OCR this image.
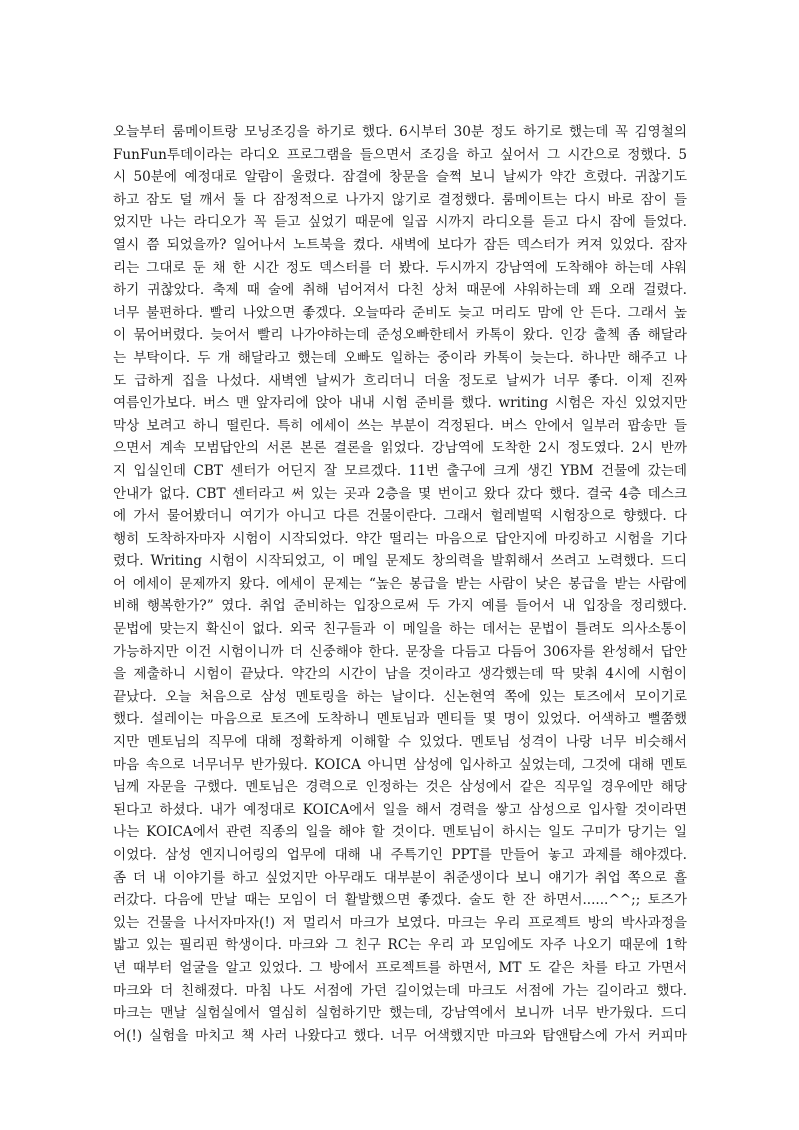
오늘부터 룸메이트랑 모닝조깅을 하기로 했다. 6시부터 30분 정도 하기로 했는데 꼭 김영철의
FunFun투데이라는 라디오 프로그램을 들으면서 조깅을 하고 싶어서 그 시간으로 정했다. 5
시 50분에 예정대로 알람이 울렸다. 잠결에 창문을 슬쩍 보니 날씨가 약간 흐렸다. 귀찮기도
하고 잠도 덜 깨서 둘 다 잠정적으로 나가지 않기로 결정했다. 룸메이트는 다시 바로 잠이 들
었지만 나는 라디오가 꼭 듣고 싶었기 때문에 일곱 시까지 라디오를 듣고 다시 잠에 들었다.
열시 쯤 되었을까? 일어나서 노트북을 켰다. 새벽에 보다가 잠든 덱스터가 켜져 있었다. 잠자
리는 그대로 둔 채 한 시간 정도 덱스터를 더 봤다. 두시까지 강남역에 도착해야 하는데 샤워
하기 귀찮았다. 축제 때 술에 취해 넘어져서 다친 상처 때문에 샤워하는데 꽤 오래 걸렸다.
너무 불편하다. 빨리 나았으면 좋겠다. 오늘따라 준비도 늦고 머리도 맘에 안 든다. 그래서 높
이 묶어버렸다. 늦어서 빨리 나가야하는데 준성오빠한테서 카톡이 왔다. 인강 출첵 좀 해달라
는 부탁이다. 두 개 해달라고 했는데 오빠도 일하는 중이라 카톡이 늦는다. 하나만 해주고 나
도 급하게 집을 나섰다. 새벽엔 날씨가 흐리더니 더울 정도로 날씨가 너무 좋다. 이제 진짜
여름인가보다. 버스 맨 앞자리에 앉아 내내 시험 준비를 했다. writing 시험은 자신 있었지만
막상 보려고 하니 떨린다. 특히 에세이 쓰는 부분이 걱정된다. 버스 안에서 일부러 팝송만 들
으면서 계속 모범답안의 서론 본론 결론을 읽었다. 강남역에 도착한 2시 정도였다. 2시 반까
지 입실인데 CBT 센터가 어딘지 잘 모르겠다. 11번 출구에 크게 생긴 YBM 건물에 갔는데
안내가 없다. CBT 센터라고 써 있는 곳과 2층을 몇 번이고 왔다 갔다 했다. 결국 4층 데스크
에 가서 물어봤더니 여기가 아니고 다른 건물이란다. 그래서 헐레벌떡 시험장으로 향했다. 다
행히 도착하자마자 시험이 시작되었다. 약간 떨리는 마음으로 답안지에 마킹하고 시험을 기다
렸다. Writing 시험이 시작되었고, 이 메일 문제도 창의력을 발휘해서 쓰려고 노력했다. 드디
어 에세이 문제까지 왔다. 에세이 문제는 “높은 봉급을 받는 사람이 낮은 봉급을 받는 사람에
비해 행복한가?” 였다. 취업 준비하는 입장으로써 두 가지 예를 들어서 내 입장을 정리했다.
문법에 맞는지 확신이 없다. 외국 친구들과 이 메일을 하는 데서는 문법이 틀려도 의사소통이
가능하지만 이건 시험이니까 더 신중해야 한다. 문장을 다듬고 다듬어 306자를 완성해서 답안
을 제출하니 시험이 끝났다. 약간의 시간이 남을 것이라고 생각했는데 딱 맞춰 4시에 시험이
끝났다. 오늘 처음으로 삼성 멘토링을 하는 날이다. 신논현역 쪽에 있는 토즈에서 모이기로
했다. 설레이는 마음으로 토즈에 도착하니 멘토님과 멘티들 몇 명이 있었다. 어색하고 뻘쭘했
지만 멘토님의 직무에 대해 정확하게 이해할 수 있었다. 멘토님 성격이 나랑 너무 비슷해서
마음 속으로 너무너무 반가웠다. KOICA 아니면 삼성에 입사하고 싶었는데, 그것에 대해 멘토
님께 자문을 구했다. 멘토님은 경력으로 인정하는 것은 삼성에서 같은 직무일 경우에만 해당
된다고 하셨다. 내가 예정대로 KOICA에서 일을 해서 경력을 쌓고 삼성으로 입사할 것이라면
나는 KOICA에서 관련 직종의 일을 해야 할 것이다. 멘토님이 하시는 일도 구미가 당기는 일
이었다. 삼성 엔지니어링의 업무에 대해 내 주특기인 PPT를 만들어 놓고 과제를 해야겠다.
좀 더 내 이야기를 하고 싶었지만 아무래도 대부분이 취준생이다 보니 얘기가 취업 쪽으로 흘
러갔다. 다음에 만날 때는 모임이 더 활발했으면 좋겠다. 술도 한 잔 하면서......^^;; 토즈가
있는 건물을 나서자마자(!) 저 멀리서 마크가 보였다. 마크는 우리 프로젝트 방의 박사과정을
밟고 있는 필리핀 학생이다. 마크와 그 친구 RC는 우리 과 모임에도 자주 나오기 때문에 1학
년 때부터 얼굴을 알고 있었다. 그 방에서 프로젝트를 하면서, MT 도 같은 차를 타고 가면서
마크와 더 친해졌다. 마침 나도 서점에 가던 길이었는데 마크도 서점에 가는 길이라고 했다.
마크는 맨날 실험실에서 열심히 실험하기만 했는데, 강남역에서 보니까 너무 반가웠다. 드디
어(!) 실험을 마치고 책 사러 나왔다고 했다. 너무 어색했지만 마크와 탐앤탐스에 가서 커피마
